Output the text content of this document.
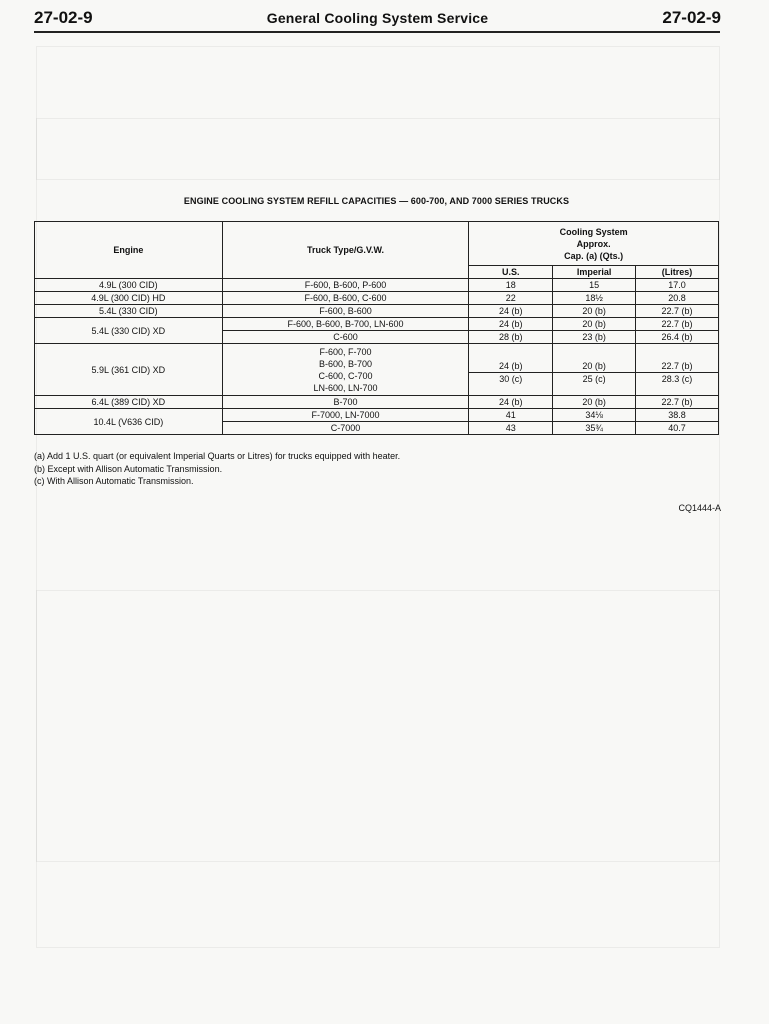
27-02-9	General Cooling System Service	27-02-9
ENGINE COOLING SYSTEM REFILL CAPACITIES — 600-700, AND 7000 SERIES TRUCKS
Engine	Truck Type/G.V.W.	Cooling System
Approx.
Cap. (a) (Qts.)		

		U.S.	Imperial	(Litres)
4.9L (300 CID)	F-600, B-600, P-600	18	15	17.0
4.9L (300 CID) HD	F-600, B-600, C-600	22	18½	20.8
5.4L (330 CID)	F-600, B-600	24 (b)	20 (b)	22.7 (b)
5.4L (330 CID) XD	F-600, B-600, B-700, LN-600	24 (b)	20 (b)	22.7 (b)
	C-600	28 (b)	23 (b)	26.4 (b)
5.9L (361 CID) XD	F-600, F-700
B-600, B-700
C-600, C-700
LN-600, LN-700	24 (b)	20 (b)	22.7 (b)
		30 (c)	25 (c)	28.3 (c)
6.4L (389 CID) XD	B-700	24 (b)	20 (b)	22.7 (b)
10.4L (V636 CID)	F-7000, LN-7000	41	34⅛	38.8
	C-7000	43	35¾	40.7
(a) Add 1 U.S. quart (or equivalent Imperial Quarts or Litres) for trucks equipped with heater.
(b) Except with Allison Automatic Transmission.
(c) With Allison Automatic Transmission.
CQ1444-A
